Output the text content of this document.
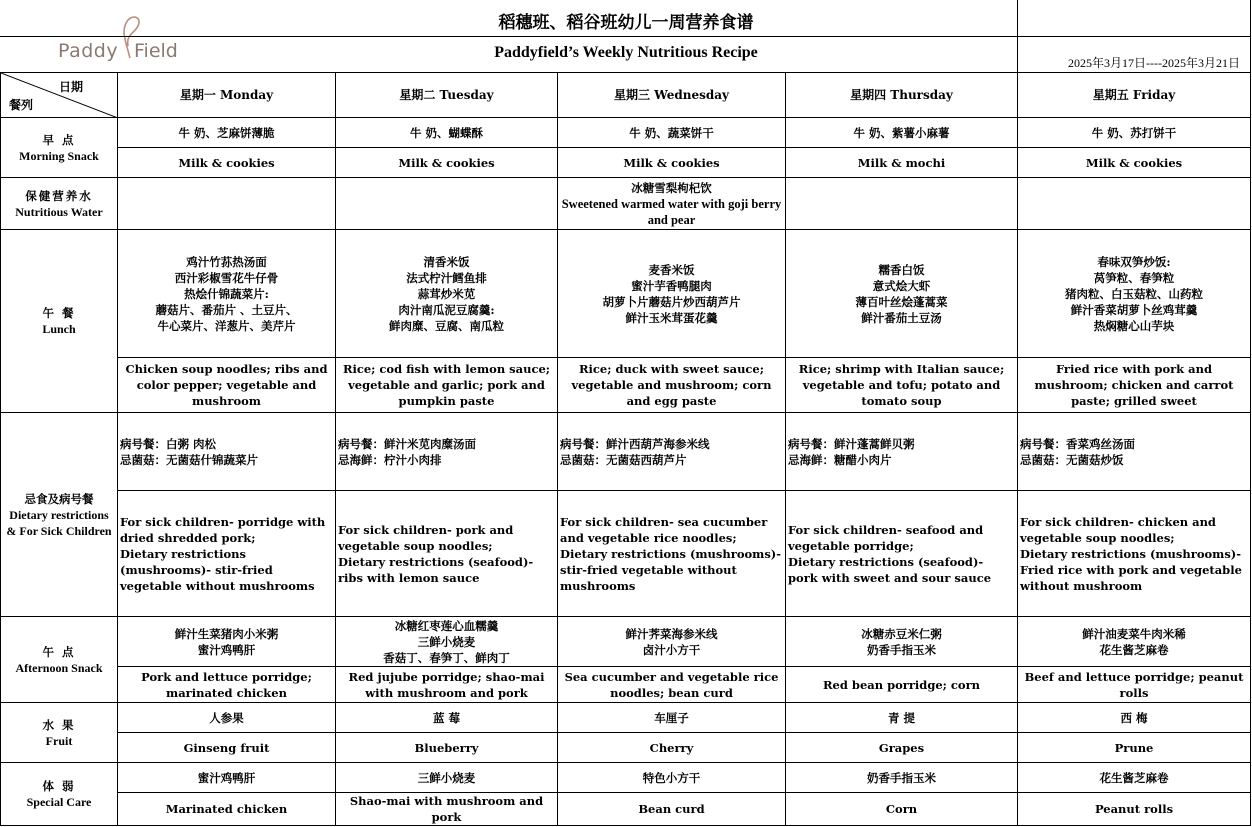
Paddy Field
稻穗班、稻谷班幼儿一周营养食谱
Paddyfield’s Weekly Nutritious Recipe
2025年3月17日----2025年3月21日
日期
餐列	星期一 Monday	星期二 Tuesday	星期三 Wednesday	星期四 Thursday	星期五 Friday

早 点
Morning Snack	牛 奶、芝麻饼薄脆	牛 奶、蝴蝶酥	牛 奶、蔬菜饼干	牛 奶、紫薯小麻薯	牛 奶、苏打饼干
	Milk & cookies	Milk & cookies	Milk & cookies	Milk & mochi	Milk & cookies

保健营养水
Nutritious Water			冰糖雪梨枸杞饮
Sweetened warmed water with goji berry and pear		

午 餐
Lunch	鸡汁竹荪热汤面
西汁彩椒雪花牛仔骨
热烩什锦蔬菜片:
蘑菇片、番茄片 、土豆片、
牛心菜片、洋葱片、美芹片	清香米饭
法式柠汁鳕鱼排
蒜茸炒米苋
肉汁南瓜泥豆腐羹:
鲜肉糜、豆腐、南瓜粒	麦香米饭
蜜汁芋香鸭腿肉
胡萝卜片蘑菇片炒西葫芦片
鲜汁玉米茸蛋花羹	糯香白饭
意式烩大虾
薄百叶丝烩蓬蒿菜
鲜汁番茄土豆汤	春味双笋炒饭:
莴笋粒、春笋粒
猪肉粒、白玉菇粒、山药粒
鲜汁香菜胡萝卜丝鸡茸羹
热焖糖心山芋块

	Chicken soup noodles; ribs and color pepper; vegetable and mushroom	Rice; cod fish with lemon sauce; vegetable and garlic; pork and pumpkin paste	Rice; duck with sweet sauce; vegetable and mushroom; corn and egg paste	Rice; shrimp with Italian sauce; vegetable and tofu; potato and tomato soup	Fried rice with pork and mushroom; chicken and carrot paste; grilled sweet

忌食及病号餐
Dietary restrictions & For Sick Children	病号餐：白粥 肉松
忌菌菇：无菌菇什锦蔬菜片	病号餐：鲜汁米苋肉糜汤面
忌海鲜：柠汁小肉排	病号餐：鲜汁西葫芦海参米线
忌菌菇：无菌菇西葫芦片	病号餐：鲜汁蓬蒿鲜贝粥
忌海鲜：糖醋小肉片	病号餐：香菜鸡丝汤面
忌菌菇：无菌菇炒饭

	For sick children- porridge with dried shredded pork;
Dietary restrictions (mushrooms)- stir-fried vegetable without mushrooms	For sick children- pork and vegetable soup noodles;
Dietary restrictions (seafood)- ribs with lemon sauce	For sick children- sea cucumber and vegetable rice noodles;
Dietary restrictions (mushrooms)- stir-fried vegetable without mushrooms	For sick children- seafood and vegetable porridge;
Dietary restrictions (seafood)- pork with sweet and sour sauce	For sick children- chicken and vegetable soup noodles;
Dietary restrictions (mushrooms)- Fried rice with pork and vegetable without mushroom

午 点
Afternoon Snack	鲜汁生菜猪肉小米粥
蜜汁鸡鸭肝	冰糖红枣莲心血糯羹
三鲜小烧麦
香菇丁、春笋丁、鲜肉丁	鲜汁荠菜海参米线
卤汁小方干	冰糖赤豆米仁粥
奶香手指玉米	鲜汁油麦菜牛肉米稀
花生酱芝麻卷

	Pork and lettuce porridge; marinated chicken	Red jujube porridge; shao-mai with mushroom and pork	Sea cucumber and vegetable rice noodles; bean curd	Red bean porridge; corn	Beef and lettuce porridge; peanut rolls

水 果
Fruit	人参果	蓝 莓	车厘子	青 提	西 梅
	Ginseng fruit	Blueberry	Cherry	Grapes	Prune

体 弱
Special Care	蜜汁鸡鸭肝	三鲜小烧麦	特色小方干	奶香手指玉米	花生酱芝麻卷
	Marinated chicken	Shao-mai with mushroom and pork	Bean curd	Corn	Peanut rolls
